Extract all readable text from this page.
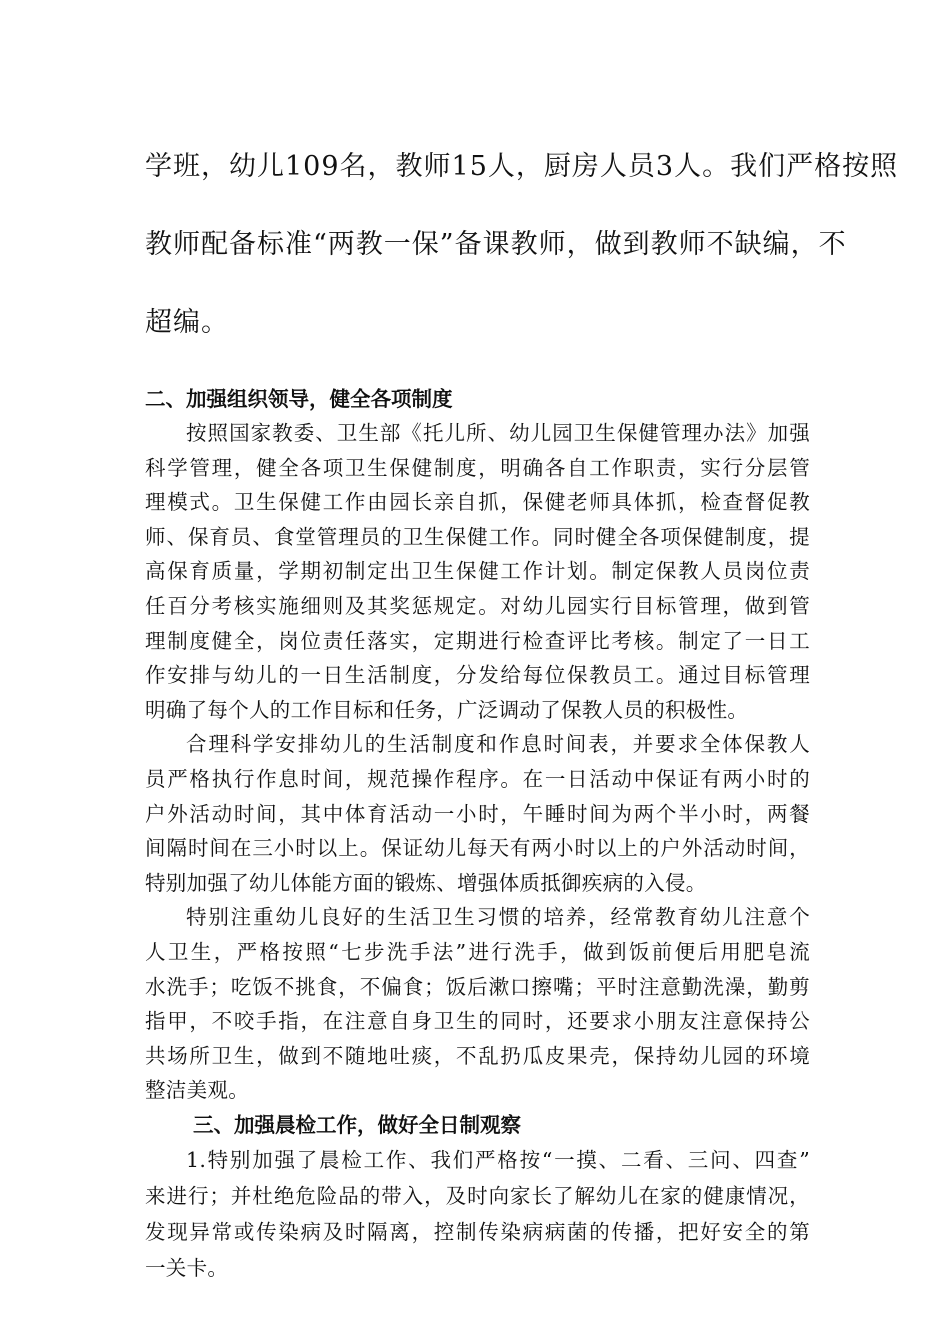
学班，幼儿109名，教师15人，厨房人员3人。我们严格按照

教师配备标准“两教一保”备课教师，做到教师不缺编，不

超编。

二、加强组织领导，健全各项制度

按照国家教委、卫生部《托儿所、幼儿园卫生保健管理办法》加强
科学管理，健全各项卫生保健制度，明确各自工作职责，实行分层管
理模式。卫生保健工作由园长亲自抓，保健老师具体抓，检查督促教
师、保育员、食堂管理员的卫生保健工作。同时健全各项保健制度，提
高保育质量，学期初制定出卫生保健工作计划。制定保教人员岗位责
任百分考核实施细则及其奖惩规定。对幼儿园实行目标管理，做到管
理制度健全，岗位责任落实，定期进行检查评比考核。制定了一日工
作安排与幼儿的一日生活制度，分发给每位保教员工。通过目标管理
明确了每个人的工作目标和任务，广泛调动了保教人员的积极性。

合理科学安排幼儿的生活制度和作息时间表，并要求全体保教人
员严格执行作息时间，规范操作程序。在一日活动中保证有两小时的
户外活动时间，其中体育活动一小时，午睡时间为两个半小时，两餐
间隔时间在三小时以上。保证幼儿每天有两小时以上的户外活动时间，
特别加强了幼儿体能方面的锻炼、增强体质抵御疾病的入侵。

特别注重幼儿良好的生活卫生习惯的培养，经常教育幼儿注意个
人卫生，严格按照“七步洗手法”进行洗手，做到饭前便后用肥皂流
水洗手；吃饭不挑食，不偏食；饭后漱口擦嘴；平时注意勤洗澡，勤剪
指甲，不咬手指，在注意自身卫生的同时，还要求小朋友注意保持公
共场所卫生，做到不随地吐痰，不乱扔瓜皮果壳，保持幼儿园的环境
整洁美观。

三、加强晨检工作，做好全日制观察

1.特别加强了晨检工作、我们严格按“一摸、二看、三问、四查”
来进行；并杜绝危险品的带入，及时向家长了解幼儿在家的健康情况，
发现异常或传染病及时隔离，控制传染病病菌的传播，把好安全的第
一关卡。
